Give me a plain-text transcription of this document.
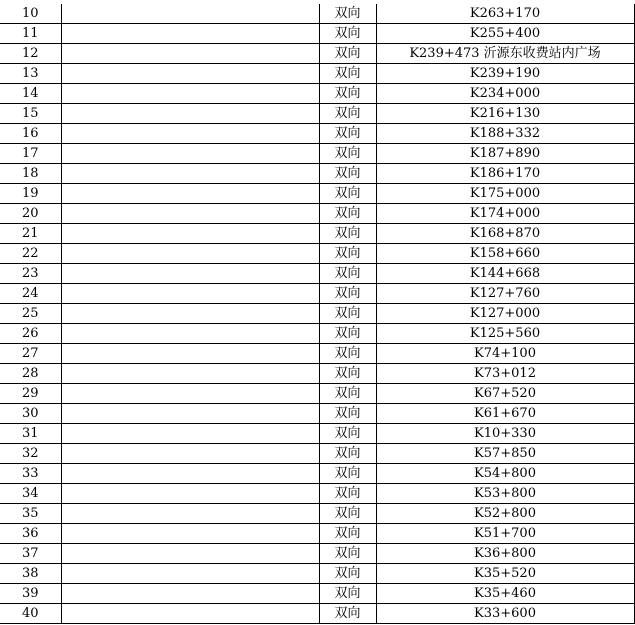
10		双向	K263+170
11		双向	K255+400
12		双向	K239+473 沂源东收费站内广场
13		双向	K239+190
14		双向	K234+000
15		双向	K216+130
16		双向	K188+332
17		双向	K187+890
18		双向	K186+170
19		双向	K175+000
20		双向	K174+000
21		双向	K168+870
22		双向	K158+660
23		双向	K144+668
24		双向	K127+760
25		双向	K127+000
26		双向	K125+560
27		双向	K74+100
28		双向	K73+012
29		双向	K67+520
30		双向	K61+670
31		双向	K10+330
32		双向	K57+850
33		双向	K54+800
34		双向	K53+800
35		双向	K52+800
36		双向	K51+700
37		双向	K36+800
38		双向	K35+520
39		双向	K35+460
40		双向	K33+600
